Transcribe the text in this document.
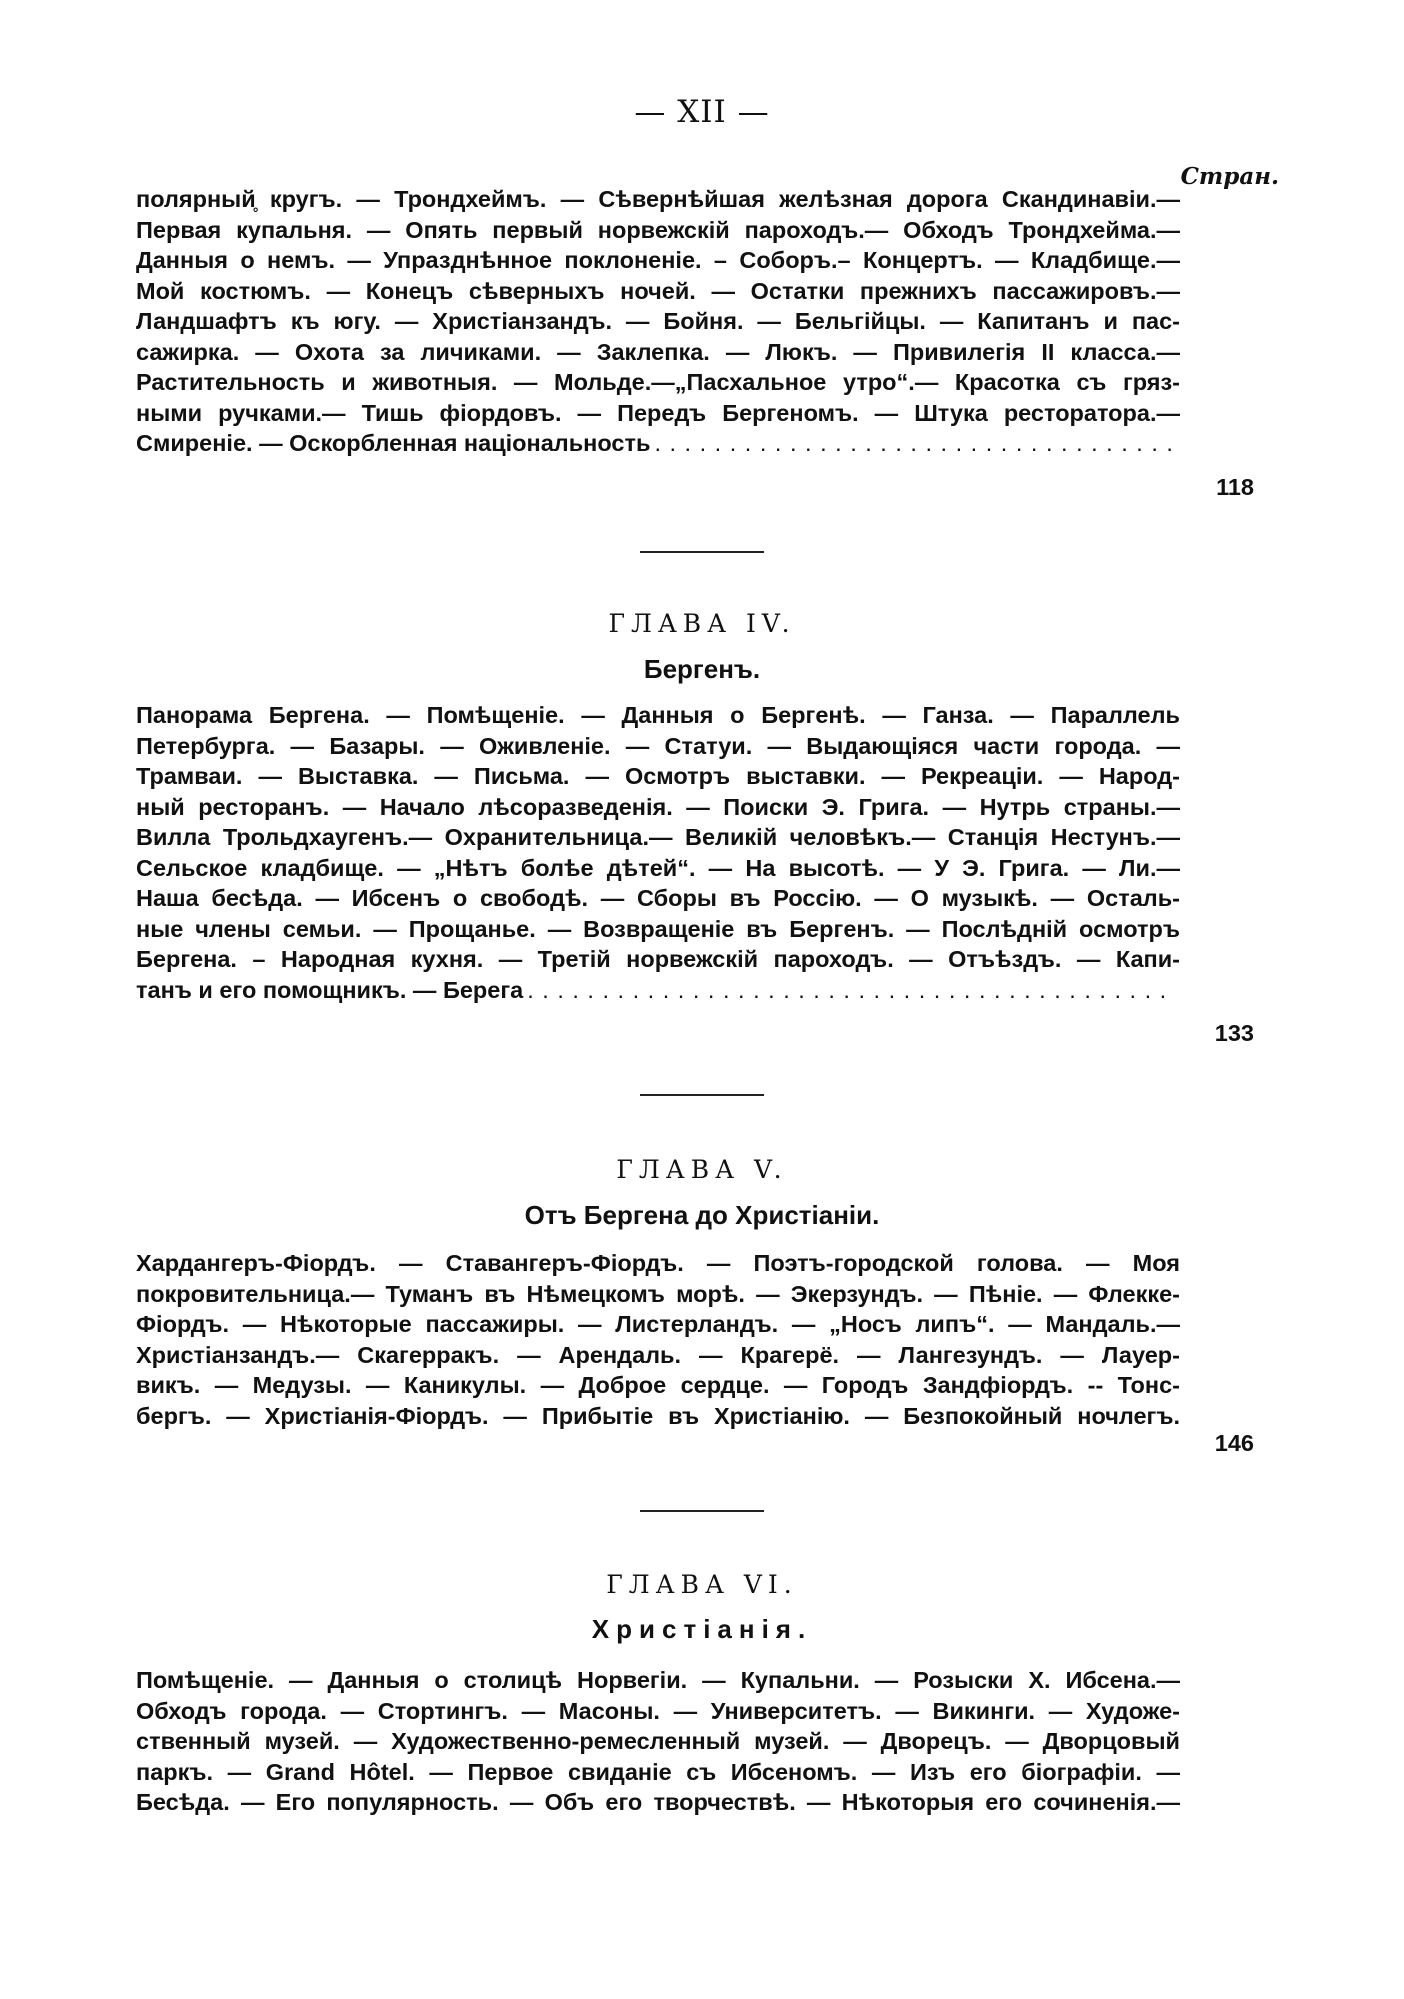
— XII —
Стран.
полярный̥ кругъ. — Трондхеймъ. — Сѣвернѣйшая желѣзная дорога Скандинавіи.—
Первая купальня. — Опять первый норвежскій пароходъ.— Обходъ Трондхейма.—
Данныя о немъ. — Упразднѣнное поклоненіе. – Соборъ.– Концертъ. — Кладбище.—
Мой костюмъ. — Конецъ сѣверныхъ ночей. — Остатки прежнихъ пассажировъ.—
Ландшафтъ къ югу. — Христіанзандъ. — Бойня. — Бельгійцы. — Капитанъ и пас-
сажирка. — Охота за личиками. — Заклепка. — Люкъ. — Привилегія II класса.—
Растительность и животныя. — Мольде.—„Пасхальное утро“.— Красотка съ гряз-
ными ручками.— Тишь фіордовъ. — Передъ Бергеномъ. — Штука ресторатора.—
Смиреніе. — Оскорбленная національность
. . .
118
ГЛАВА IV.
Бергенъ.
Панорама Бергена. — Помѣщеніе. — Данныя о Бергенѣ. — Ганза. — Параллель
Петербурга. — Базары. — Оживленіе. — Статуи. — Выдающіяся части города. —
Трамваи. — Выставка. — Письма. — Осмотръ выставки. — Рекреаціи. — Народ-
ный ресторанъ. — Начало лѣсоразведенія. — Поиски Э. Грига. — Нутрь страны.—
Вилла Трольдхаугенъ.— Охранительница.— Великій человѣкъ.— Станція Нестунъ.—
Сельское кладбище. — „Нѣтъ болѣе дѣтей“. — На высотѣ. — У Э. Грига. — Ли.—
Наша бесѣда. — Ибсенъ о свободѣ. — Сборы въ Россію. — О музыкѣ. — Осталь-
ные члены семьи. — Прощанье. — Возвращеніе въ Бергенъ. — Послѣдній осмотръ
Бергена. – Народная кухня. — Третій норвежскій пароходъ. — Отъѣздъ. — Капи-
танъ и его помощникъ. — Берега
. . .
133
ГЛАВА V.
Отъ Бергена до Христіаніи.
Хардангеръ-Фіордъ. — Ставангеръ-Фіордъ. — Поэтъ-городской голова. — Моя
покровительница.— Туманъ въ Нѣмецкомъ морѣ. — Экерзундъ. — Пѣніе. — Флекке-
Фіордъ. — Нѣкоторые пассажиры. — Листерландъ. — „Носъ липъ“. — Мандаль.—
Христіанзандъ.— Скагерракъ. — Арендаль. — Крагерё. — Лангезундъ. — Лауер-
викъ. — Медузы. — Каникулы. — Доброе сердце. — Городъ Зандфіордъ. -- Тонс-
бергъ. — Христіанія-Фіордъ. — Прибытіе въ Христіанію. — Безпокойный ночлегъ.
146
ГЛАВА VI.
Христіанія.
Помѣщеніе. — Данныя о столицѣ Норвегіи. — Купальни. — Розыски Х. Ибсена.—
Обходъ города. — Стортингъ. — Масоны. — Университетъ. — Викинги. — Художе-
ственный музей. — Художественно-ремесленный музей. — Дворецъ. — Дворцовый
паркъ. — Grand Hôtel. — Первое свиданіе съ Ибсеномъ. — Изъ его біографіи. —
Бесѣда. — Его популярность. — Объ его творчествѣ. — Нѣкоторыя его сочиненія.—
